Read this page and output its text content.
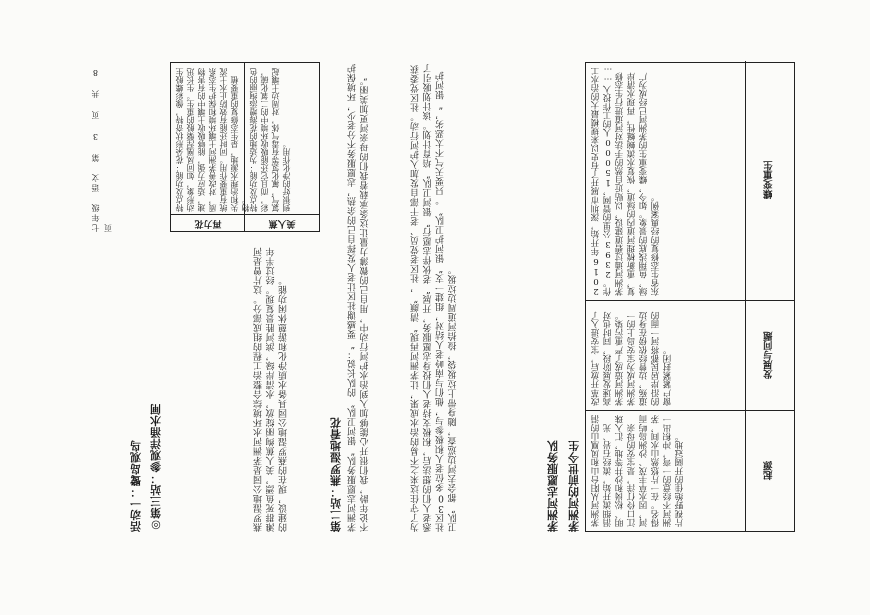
起源
茅洲河从阳台山和凤凰山的涓涓细流开始，流经石岩、光明、松岗和沙井等地，汇入珠江口伶仃洋，是宝安的母亲河，因水草丰茂、沙洲岛屿而得名。在一片悠然山水间，茅洲河不经意的一弯，冲积出一片视野绝佳的开阔冠地。
发展与问题
改革开放后，宝安进入了高速发展阶段，同时也对茅洲河造成了严重污染。茅洲河成为宝安岛上的一道殇，边曾经依傍在身边的沿岸居民都将河一面的窗户紧紧封闭。
蝶变重生
2016年开始，深圳市展开了有史以来规模最大的治水工作。2393公里的管网，15000人的工作投入……茅洲河通过碧道建设，以贴近自然的手法对河道进行生态修复，重新梳理河道内的绿道，恢复水流蜿蜒性，再现水清岸绿，鱼翔浅底的景象。如今，蝶变重生的茅洲河已经成为广东省生态修复的经典案例。
茅洲河的前世今生
茅洲河志愿服务队
为了守住这来之不易的治水成果，让茅洲河再现“清颜”，社区老党员、老干部自发加入护河行动。社区党委获悉老人们的想法后，积极支持老人们投身志愿服务，开展“老伙伴志愿行”银河卫队”培育计划。该计划吸引了社区30多位老人积极参与，他们与南岭老人结对，组建一支“银河护卫队”。只要天气不太恶劣，“银河护卫队”都会去河边巡查，随身带上垃圾袋，捡拾河道周边垃圾。
茅洲河志愿服务队“银河卫队”的队长说：“要感谢社区让老人发挥自己的余热，志愿服务不分老少，环境保护不论年龄，我们很开心能够加入到治水护河行动中，用自己的微薄力量让这条承载着我们的母亲河更加美丽。”
第二站：燕罗湿地看花
燕罗湿地公园是茅洲河水环境综合整治工程的组成部分。这片曾是河滩群死鱼漂，美人蕉绚丽绽放，水清岸绿，滨河胜景复现。经过半年的建设，现在的燕罗湿地公园具备水质净化和游憩休闲功能。
美人蕉
特点及功能：为适地的花海增添绚丽的色彩，而且它还能吸收环境中的二氧化硫，氯气，氟化氢等有毒气体，对周边土壤起到很好的净化作用。
再力花
特点及功能：花朵形状奇特，像彩蝶般生动形象，如同凤凰涅槃般的重生。生长迅速，适应力强，能够吸收土壤中的有害物质，对改善茅洲河土壤环境和保护生态系统有重要作用。同时还能有效防止水土流失和治理水源地，是生态修复的重要植物。
◎第三站：参观洋涌水闸
活动一：鹭岛观鸟
七年级　语文　第 3 页 共 8 页
